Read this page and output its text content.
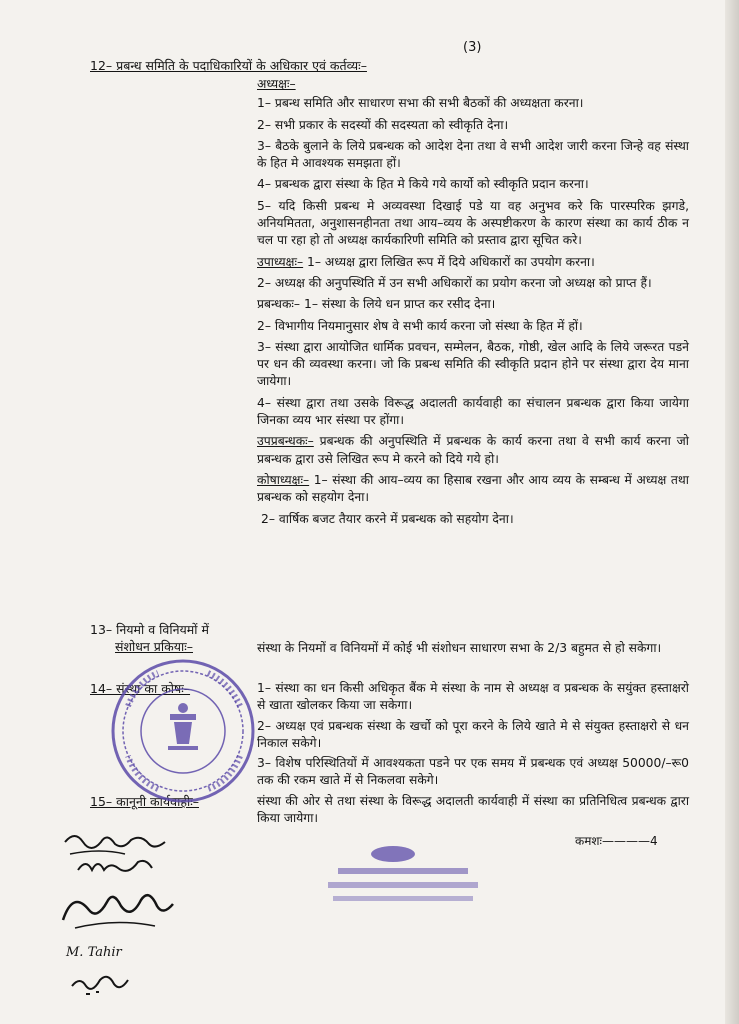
(3)
12– प्रबन्ध समिति के पदाधिकारियों के अधिकार एवं कर्तव्यः–
अध्यक्षः–
1– प्रबन्ध समिति और साधारण सभा की सभी बैठकों की अध्यक्षता करना।
2– सभी प्रकार के सदस्यों की सदस्यता को स्वीकृति देना।
3– बैठके बुलाने के लिये प्रबन्धक को आदेश देना तथा वे सभी आदेश जारी करना जिन्हे वह संस्था के हित मे आवश्यक समझता हों।
4– प्रबन्धक द्वारा संस्था के हित मे किये गये कार्यो को स्वीकृति प्रदान करना।
5– यदि किसी प्रबन्ध मे अव्यवस्था दिखाई पडे या वह अनुभव करे कि पारस्परिक झगडे, अनियमितता, अनुशासनहीनता तथा आय–व्यय के अस्पष्टीकरण के कारण संस्था का कार्य ठीक न चल पा रहा हो तो अध्यक्ष कार्यकारिणी समिति को प्रस्ताव द्वारा सूचित करे।
उपाध्यक्षः– 1– अध्यक्ष द्वारा लिखित रूप में दिये अधिकारों का उपयोग करना।
2– अध्यक्ष की अनुपस्थिति में उन सभी अधिकारों का प्रयोग करना जो अध्यक्ष को प्राप्त हैं।
प्रबन्धकः– 1– संस्था के लिये धन प्राप्त कर रसीद देना।
2– विभागीय नियमानुसार शेष वे सभी कार्य करना जो संस्था के हित में हों।
3– संस्था द्वारा आयोजित धार्मिक प्रवचन, सम्मेलन, बैठक, गोष्ठी, खेल आदि के लिये जरूरत पडने पर धन की व्यवस्था करना। जो कि प्रबन्ध समिति की स्वीकृति प्रदान होने पर संस्था द्वारा देय माना जायेगा।
4– संस्था द्वारा तथा उसके विरूद्ध अदालती कार्यवाही का संचालन प्रबन्धक द्वारा किया जायेगा जिनका व्यय भार संस्था पर होंगा।
उपप्रबन्धकः– प्रबन्धक की अनुपस्थिति में प्रबन्धक के कार्य करना तथा वे सभी कार्य करना जो प्रबन्धक द्वारा उसे लिखित रूप मे करने को दिये गये हो।
कोषाध्यक्षः– 1– संस्था की आय–व्यय का हिसाब रखना और आय व्यय के सम्बन्ध में अध्यक्ष तथा प्रबन्धक को सहयोग देना।
2– वार्षिक बजट तैयार करने में प्रबन्धक को सहयोग देना।
13– नियमो व विनियमों में
संशोधन प्रकियाः–	संस्था के नियमों व विनियमों में कोई भी संशोधन साधारण सभा के 2/3 बहुमत से हो सकेगा।
14– संस्था का कोषः–	1– संस्था का धन किसी अधिकृत बैंक मे संस्था के नाम से अध्यक्ष व प्रबन्धक के सयुंक्त हस्ताक्षरो से खाता खोलकर किया जा सकेगा।

2– अध्यक्ष एवं प्रबन्धक संस्था के खर्चो को पूरा करने के लिये खाते मे से संयुक्त हस्ताक्षरो से धन निकाल सकेगे।

3– विशेष परिस्थितियों में आवश्यकता पडने पर एक समय में प्रबन्धक एवं अध्यक्ष 50000/–रू0 तक की रकम खाते में से निकलवा सकेगे।

15– कानूनी कार्यवाहीः–	संस्था की ओर से तथा संस्था के विरूद्ध अदालती कार्यवाही में संस्था का प्रतिनिधित्व प्रबन्धक द्वारा किया जायेगा।
कमशः————4
M. Tahir
